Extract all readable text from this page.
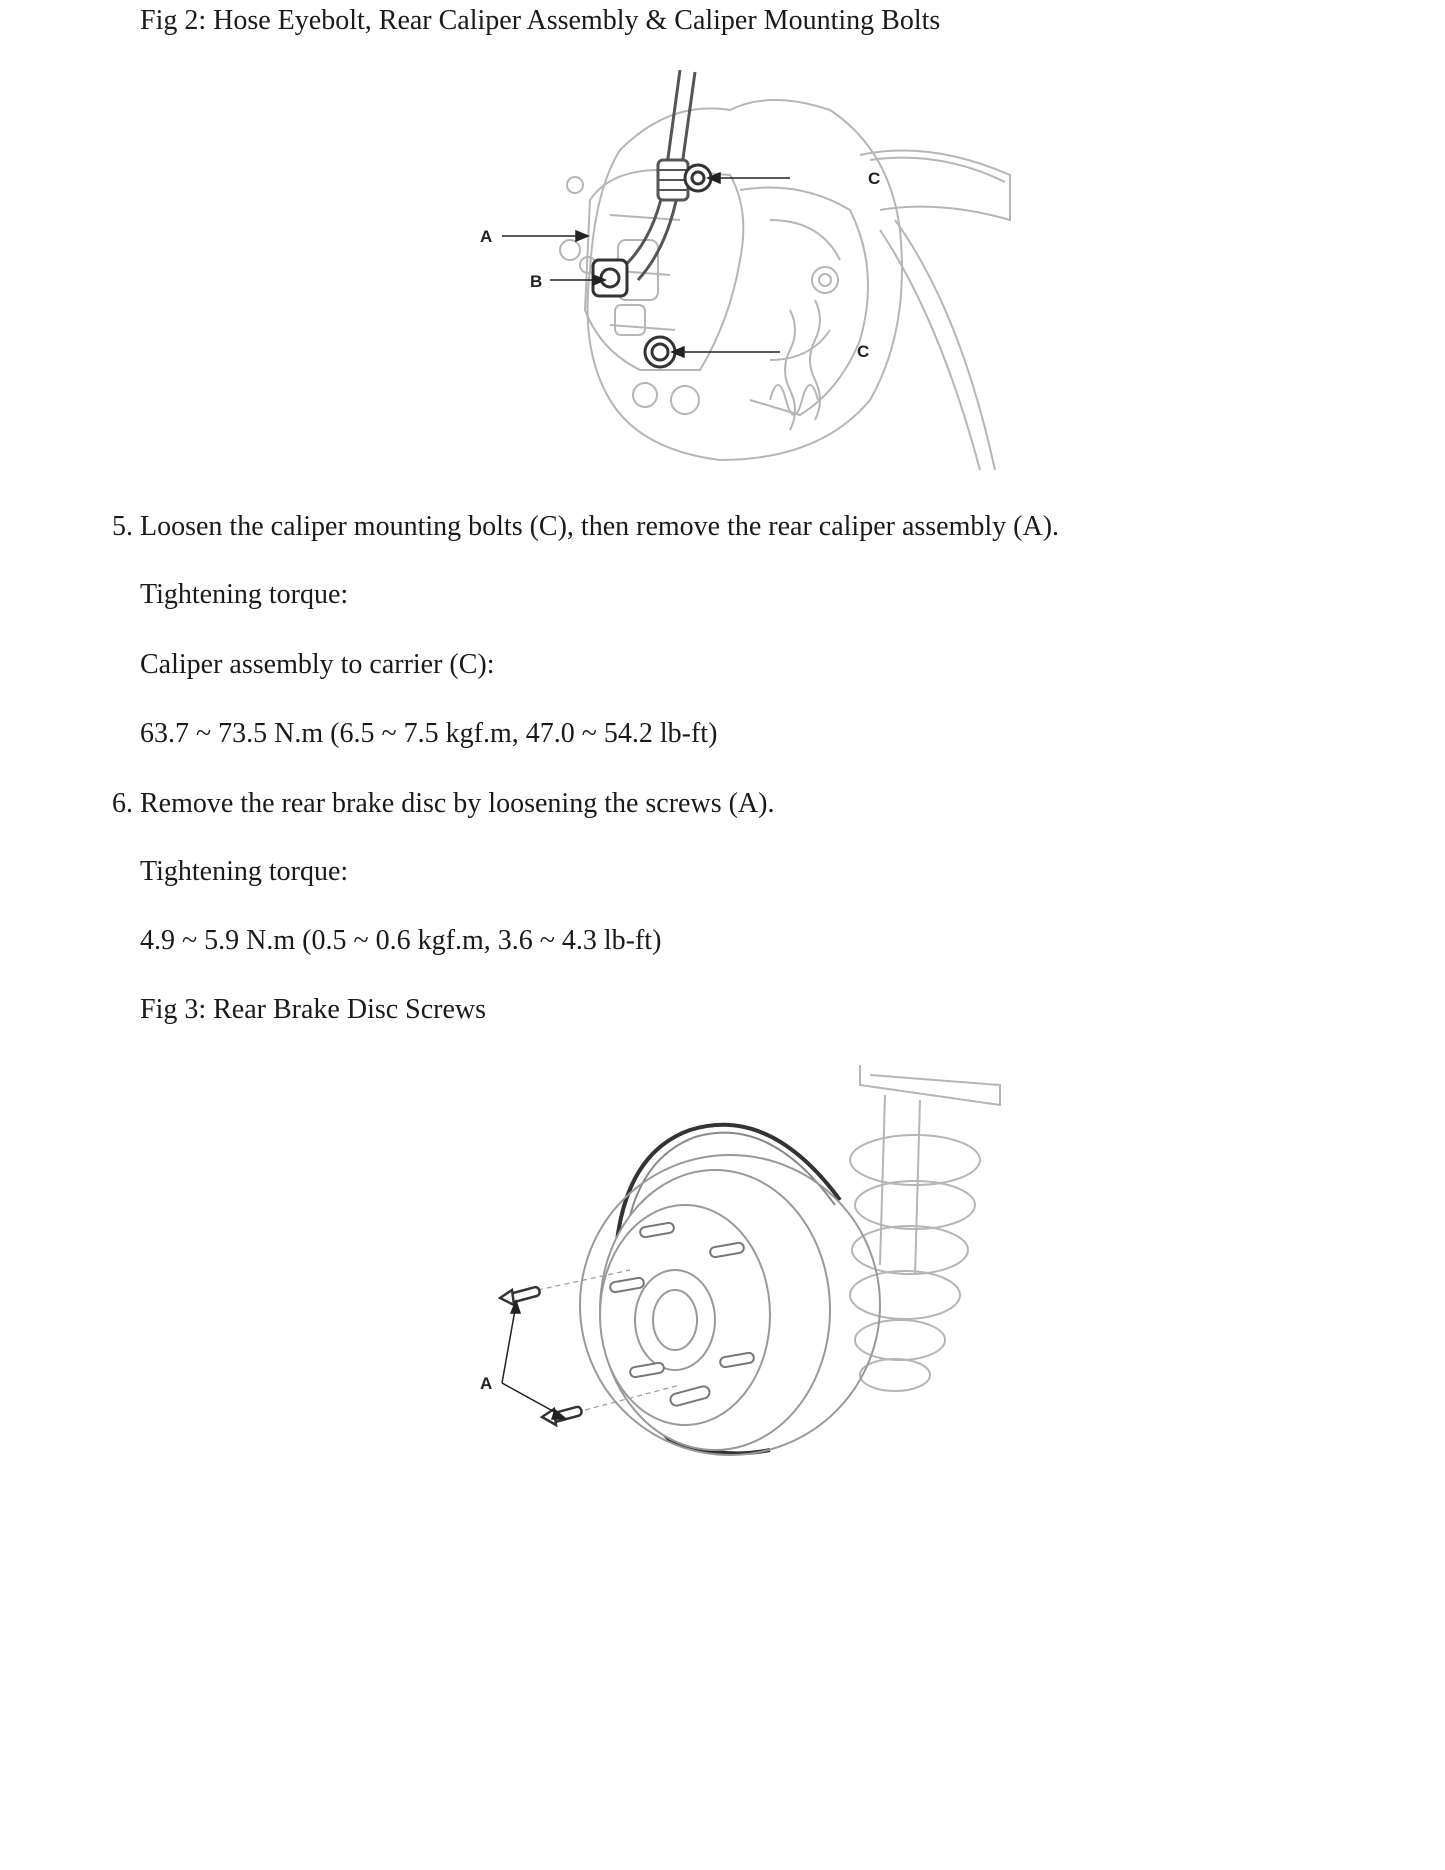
Fig 2: Hose Eyebolt, Rear Caliper Assembly & Caliper Mounting Bolts
A
B
C
C
5. Loosen the caliper mounting bolts (C), then remove the rear caliper assembly (A).
Tightening torque:
Caliper assembly to carrier (C):
63.7 ~ 73.5 N.m (6.5 ~ 7.5 kgf.m, 47.0 ~ 54.2 lb-ft)
6. Remove the rear brake disc by loosening the screws (A).
Tightening torque:
4.9 ~ 5.9 N.m (0.5 ~ 0.6 kgf.m, 3.6 ~ 4.3 lb-ft)
Fig 3: Rear Brake Disc Screws
A
